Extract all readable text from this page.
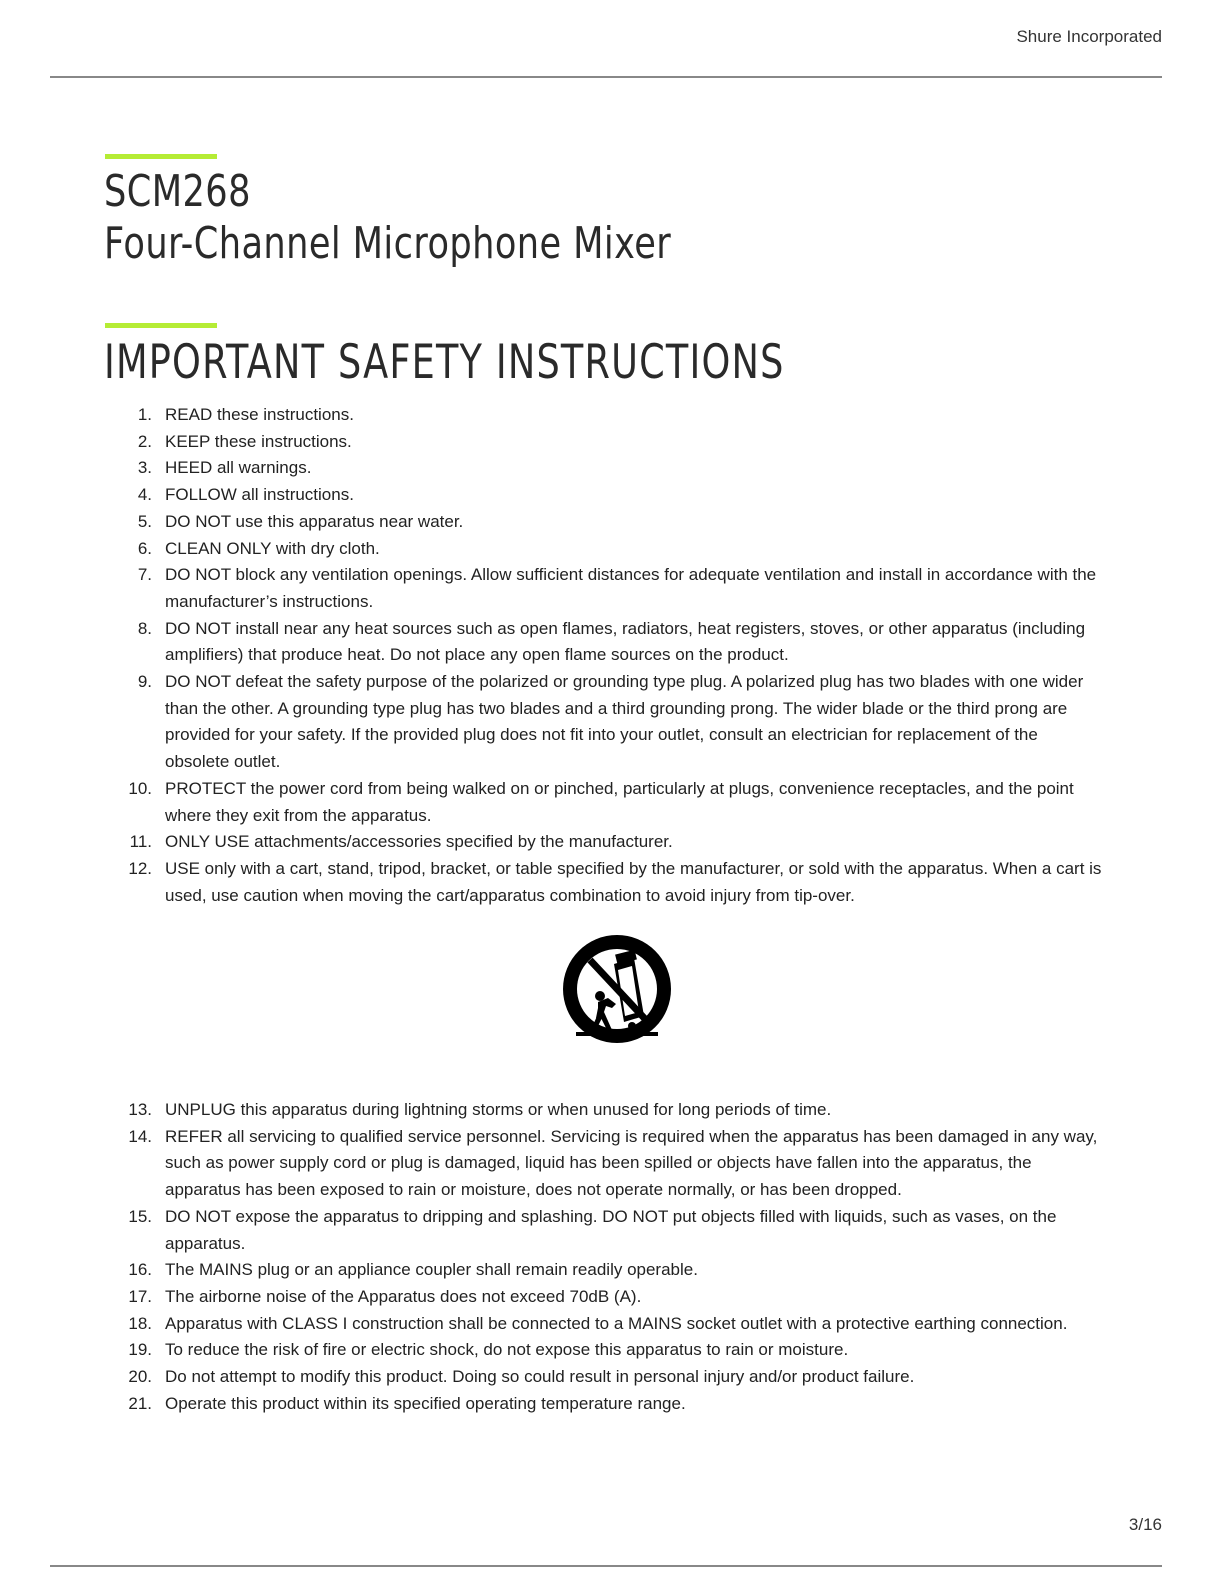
Shure Incorporated
SCM268
Four-Channel Microphone Mixer
IMPORTANT SAFETY INSTRUCTIONS
1. READ these instructions.
2. KEEP these instructions.
3. HEED all warnings.
4. FOLLOW all instructions.
5. DO NOT use this apparatus near water.
6. CLEAN ONLY with dry cloth.
7. DO NOT block any ventilation openings. Allow sufficient distances for adequate ventilation and install in accordance with the manufacturer’s instructions.
8. DO NOT install near any heat sources such as open flames, radiators, heat registers, stoves, or other apparatus (including amplifiers) that produce heat. Do not place any open flame sources on the product.
9. DO NOT defeat the safety purpose of the polarized or grounding type plug. A polarized plug has two blades with one wider than the other. A grounding type plug has two blades and a third grounding prong. The wider blade or the third prong are provided for your safety. If the provided plug does not fit into your outlet, consult an electrician for replacement of the obsolete outlet.
10. PROTECT the power cord from being walked on or pinched, particularly at plugs, convenience receptacles, and the point where they exit from the apparatus.
11. ONLY USE attachments/accessories specified by the manufacturer.
12. USE only with a cart, stand, tripod, bracket, or table specified by the manufacturer, or sold with the apparatus. When a cart is used, use caution when moving the cart/apparatus combination to avoid injury from tip-over.
13. UNPLUG this apparatus during lightning storms or when unused for long periods of time.
14. REFER all servicing to qualified service personnel. Servicing is required when the apparatus has been damaged in any way, such as power supply cord or plug is damaged, liquid has been spilled or objects have fallen into the apparatus, the apparatus has been exposed to rain or moisture, does not operate normally, or has been dropped.
15. DO NOT expose the apparatus to dripping and splashing. DO NOT put objects filled with liquids, such as vases, on the apparatus.
16. The MAINS plug or an appliance coupler shall remain readily operable.
17. The airborne noise of the Apparatus does not exceed 70dB (A).
18. Apparatus with CLASS I construction shall be connected to a MAINS socket outlet with a protective earthing connection.
19. To reduce the risk of fire or electric shock, do not expose this apparatus to rain or moisture.
20. Do not attempt to modify this product. Doing so could result in personal injury and/or product failure.
21. Operate this product within its specified operating temperature range.
3/16
